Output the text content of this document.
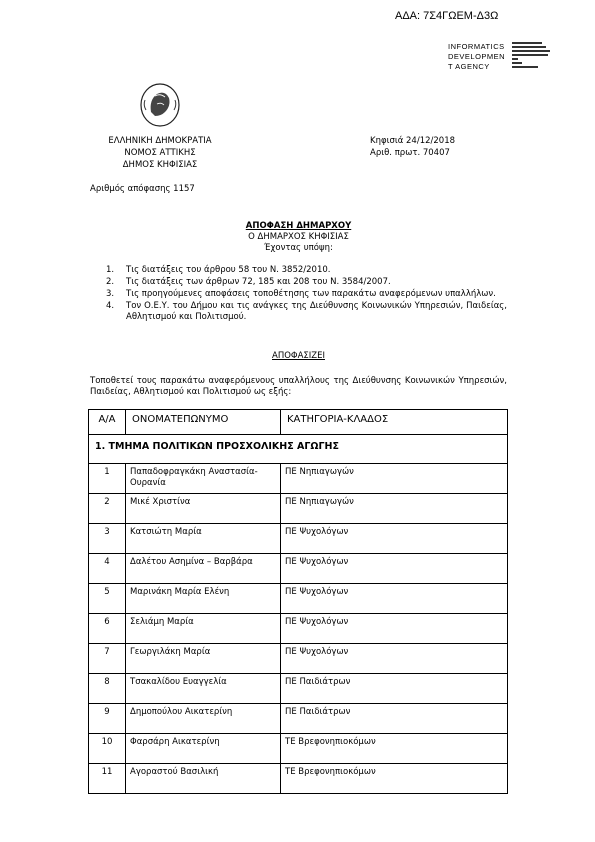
ΑΔΑ: 7Σ4ΓΩΕΜ-Δ3Ω
INFORMATICS
DEVELOPMEN
T AGENCY
ΕΛΛΗΝΙΚΗ ΔΗΜΟΚΡΑΤΙΑ
ΝΟΜΟΣ ΑΤΤΙΚΗΣ
ΔΗΜΟΣ ΚΗΦΙΣΙΑΣ
Κηφισιά 24/12/2018
Αριθ. πρωτ. 70407
Αριθμός απόφασης 1157
ΑΠΟΦΑΣΗ ΔΗΜΑΡΧΟΥ
Ο ΔΗΜΑΡΧΟΣ ΚΗΦΙΣΙΑΣ
Έχοντας υπόψη:
1. Τις διατάξεις του άρθρου 58 του Ν. 3852/2010.
2. Τις διατάξεις των άρθρων 72, 185 και 208 του Ν. 3584/2007.
3. Τις προηγούμενες αποφάσεις τοποθέτησης των παρακάτω αναφερόμενων υπαλλήλων.
4. Τον Ο.Ε.Υ. του Δήμου και τις ανάγκες της Διεύθυνσης Κοινωνικών Υπηρεσιών, Παιδείας, Αθλητισμού και Πολιτισμού.
ΑΠΟΦΑΣΙΖΕΙ
Τοποθετεί τους παρακάτω αναφερόμενους υπαλλήλους της Διεύθυνσης Κοινωνικών Υπηρεσιών, Παιδείας, Αθλητισμού και Πολιτισμού ως εξής:
Α/Α	ΟΝΟΜΑΤΕΠΩΝΥΜΟ	ΚΑΤΗΓΟΡΙΑ-ΚΛΑΔΟΣ
1. ΤΜΗΜΑ ΠΟΛΙΤΙΚΩΝ ΠΡΟΣΧΟΛΙΚΗΣ ΑΓΩΓΗΣ		
1	Παπαδοφραγκάκη Αναστασία-Ουρανία	ΠΕ Νηπιαγωγών
2	Μικέ Χριστίνα	ΠΕ Νηπιαγωγών
3	Κατσιώτη Μαρία	ΠΕ Ψυχολόγων
4	Δαλέτου Ασημίνα – Βαρβάρα	ΠΕ Ψυχολόγων
5	Μαρινάκη Μαρία Ελένη	ΠΕ Ψυχολόγων
6	Σελιάμη Μαρία	ΠΕ Ψυχολόγων
7	Γεωργιλάκη Μαρία	ΠΕ Ψυχολόγων
8	Τσακαλίδου Ευαγγελία	ΠΕ Παιδιάτρων
9	Δημοπούλου Αικατερίνη	ΠΕ Παιδιάτρων
10	Φαρσάρη Αικατερίνη	ΤΕ Βρεφονηπιοκόμων
11	Αγοραστού Βασιλική	ΤΕ Βρεφονηπιοκόμων
